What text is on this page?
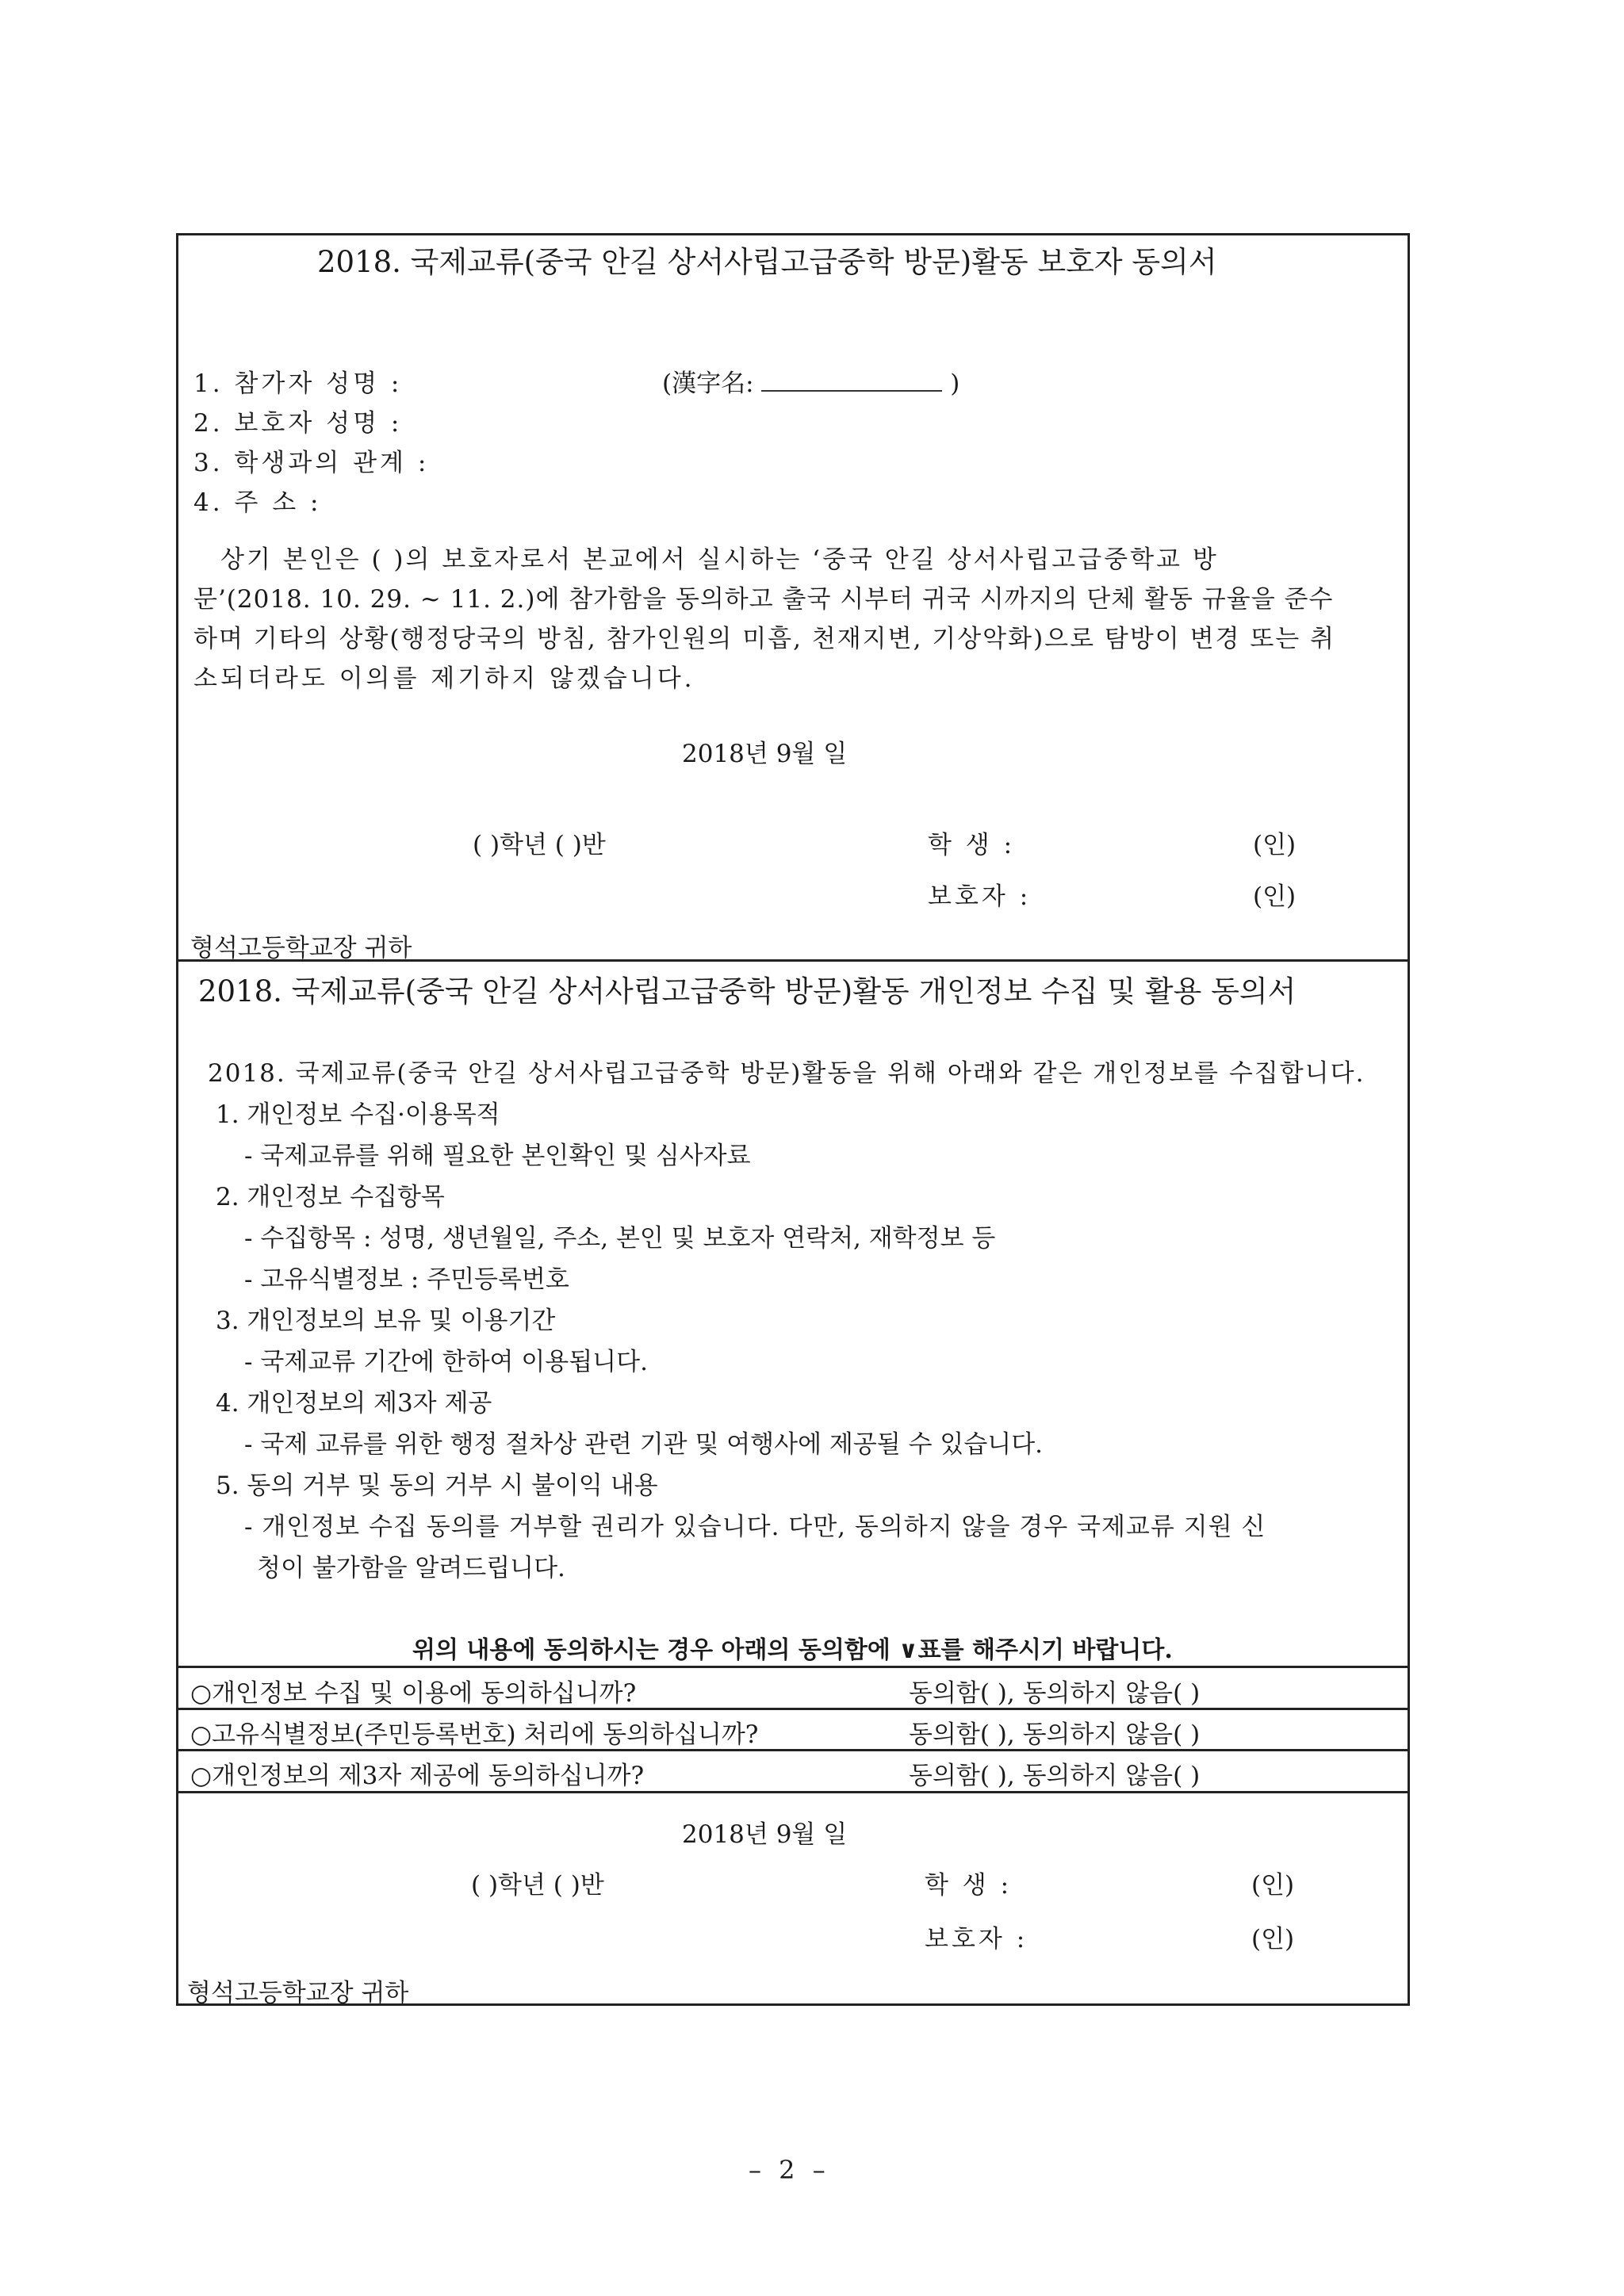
2018. 국제교류(중국 안길 상서사립고급중학 방문)활동 보호자 동의서
1. 참가자 성명 :	(漢字名:	)
2. 보호자 성명 :
3. 학생과의 관계 :
4. 주 소 :
상기 본인은 ( )의 보호자로서 본교에서 실시하는 ‘중국 안길 상서사립고급중학교 방
문’(2018. 10. 29. ~ 11. 2.)에 참가함을 동의하고 출국 시부터 귀국 시까지의 단체 활동 규율을 준수
하며 기타의 상황(행정당국의 방침, 참가인원의 미흡, 천재지변, 기상악화)으로 탐방이 변경 또는 취
소되더라도 이의를 제기하지 않겠습니다.
2018년 9월 일
( )학년 ( )반	학 생 :	(인)
보호자 :	(인)
형석고등학교장 귀하
2018. 국제교류(중국 안길 상서사립고급중학 방문)활동 개인정보 수집 및 활용 동의서
2018. 국제교류(중국 안길 상서사립고급중학 방문)활동을 위해 아래와 같은 개인정보를 수집합니다.
1. 개인정보 수집·이용목적
- 국제교류를 위해 필요한 본인확인 및 심사자료
2. 개인정보 수집항목
- 수집항목 : 성명, 생년월일, 주소, 본인 및 보호자 연락처, 재학정보 등
- 고유식별정보 : 주민등록번호
3. 개인정보의 보유 및 이용기간
- 국제교류 기간에 한하여 이용됩니다.
4. 개인정보의 제3자 제공
- 국제 교류를 위한 행정 절차상 관련 기관 및 여행사에 제공될 수 있습니다.
5. 동의 거부 및 동의 거부 시 불이익 내용
- 개인정보 수집 동의를 거부할 권리가 있습니다. 다만, 동의하지 않을 경우 국제교류 지원 신
청이 불가함을 알려드립니다.
위의 내용에 동의하시는 경우 아래의 동의함에 ∨표를 해주시기 바랍니다.
○개인정보 수집 및 이용에 동의하십니까?	동의함( ), 동의하지 않음( )
○고유식별정보(주민등록번호) 처리에 동의하십니까?	동의함( ), 동의하지 않음( )
○개인정보의 제3자 제공에 동의하십니까?	동의함( ), 동의하지 않음( )
2018년 9월 일
( )학년 ( )반	학 생 :	(인)
보호자 :	(인)
형석고등학교장 귀하
– 2 –
